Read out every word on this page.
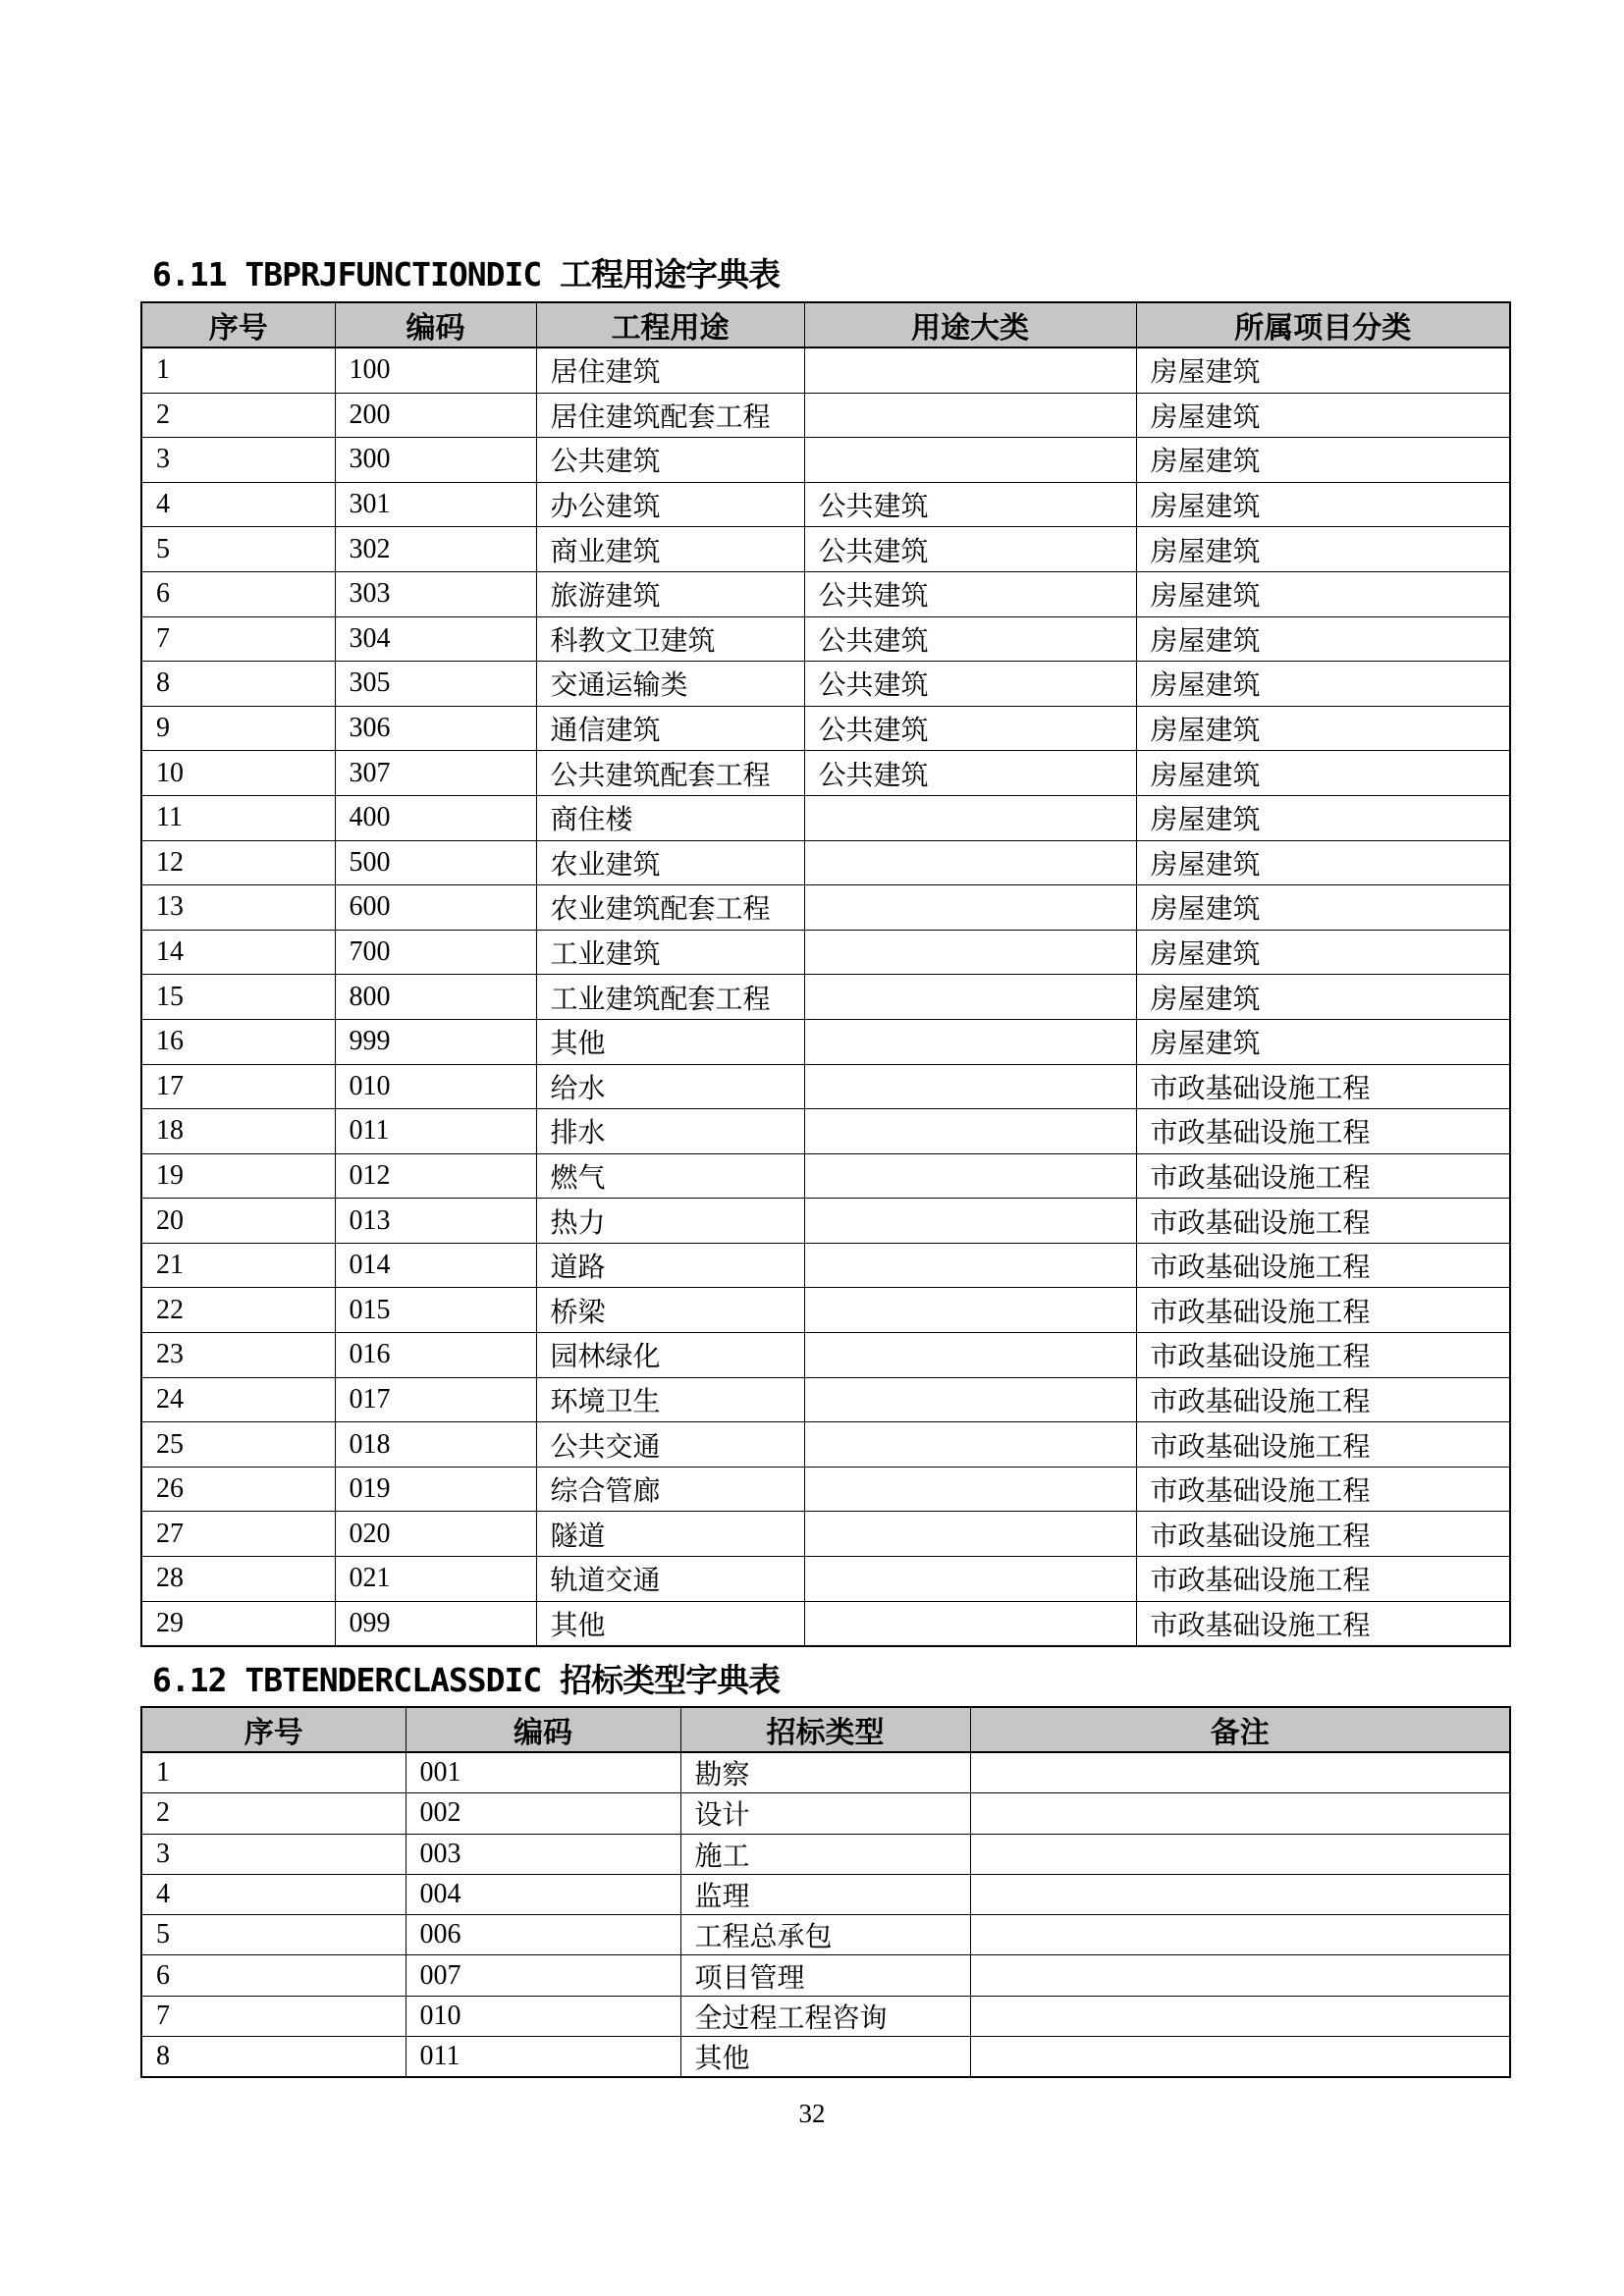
6.11 TBPRJFUNCTIONDIC 工程用途字典表
序号	编码	工程用途	用途大类	所属项目分类
1	100	居住建筑		房屋建筑
2	200	居住建筑配套工程		房屋建筑
3	300	公共建筑		房屋建筑
4	301	办公建筑	公共建筑	房屋建筑
5	302	商业建筑	公共建筑	房屋建筑
6	303	旅游建筑	公共建筑	房屋建筑
7	304	科教文卫建筑	公共建筑	房屋建筑
8	305	交通运输类	公共建筑	房屋建筑
9	306	通信建筑	公共建筑	房屋建筑
10	307	公共建筑配套工程	公共建筑	房屋建筑
11	400	商住楼		房屋建筑
12	500	农业建筑		房屋建筑
13	600	农业建筑配套工程		房屋建筑
14	700	工业建筑		房屋建筑
15	800	工业建筑配套工程		房屋建筑
16	999	其他		房屋建筑
17	010	给水		市政基础设施工程
18	011	排水		市政基础设施工程
19	012	燃气		市政基础设施工程
20	013	热力		市政基础设施工程
21	014	道路		市政基础设施工程
22	015	桥梁		市政基础设施工程
23	016	园林绿化		市政基础设施工程
24	017	环境卫生		市政基础设施工程
25	018	公共交通		市政基础设施工程
26	019	综合管廊		市政基础设施工程
27	020	隧道		市政基础设施工程
28	021	轨道交通		市政基础设施工程
29	099	其他		市政基础设施工程
6.12 TBTENDERCLASSDIC 招标类型字典表
序号	编码	招标类型	备注
1	001	勘察	
2	002	设计	
3	003	施工	
4	004	监理	
5	006	工程总承包	
6	007	项目管理	
7	010	全过程工程咨询	
8	011	其他	
32
